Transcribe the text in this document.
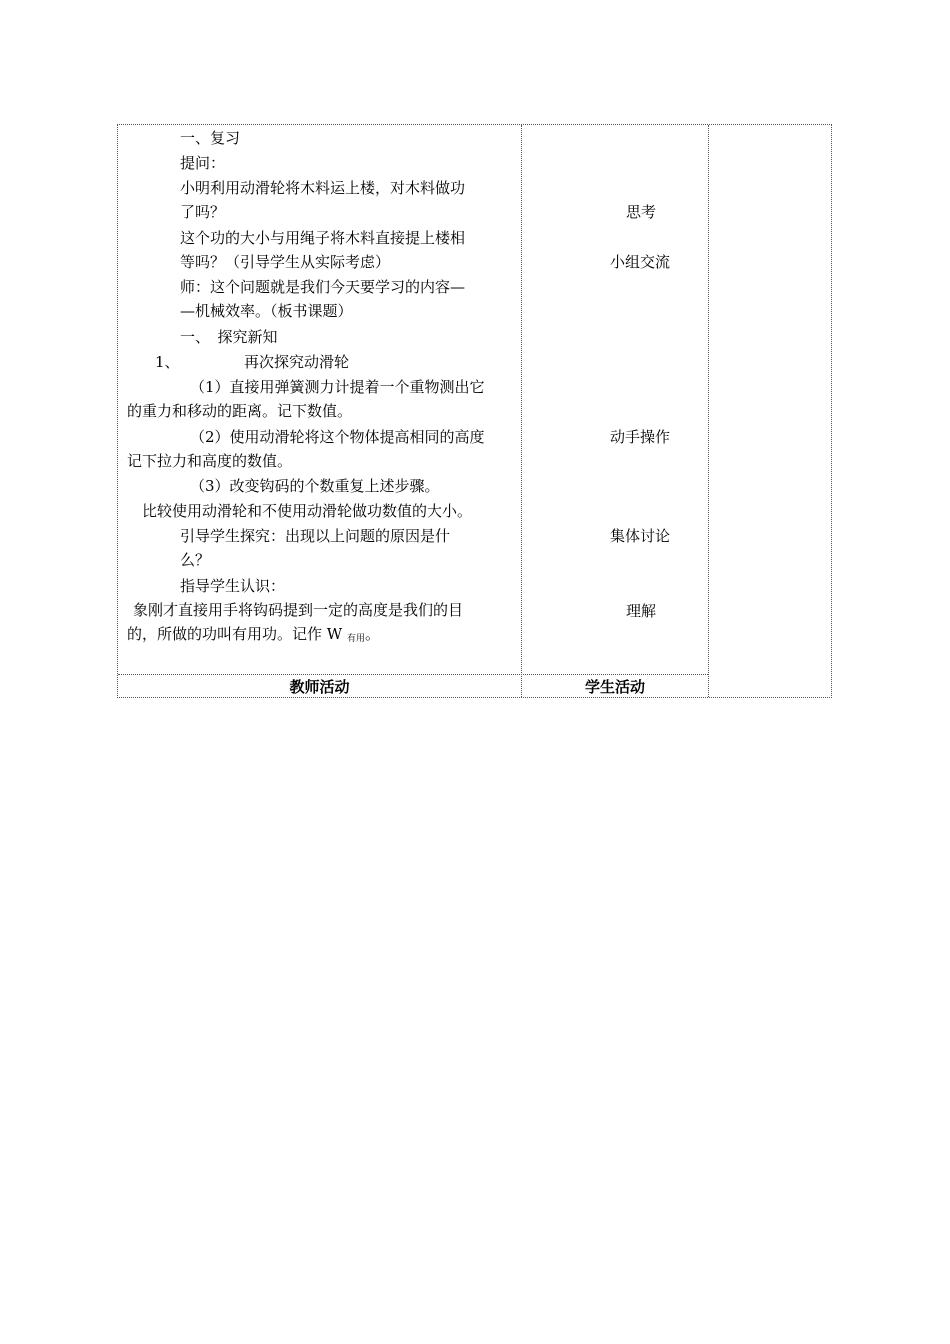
一、复习
提问：
小明利用动滑轮将木料运上楼，对木料做功
了吗？
这个功的大小与用绳子将木料直接提上楼相
等吗？（引导学生从实际考虑）
师：这个问题就是我们今天要学习的内容—
—机械效率。（板书课题）
一、　探究新知
1、	再次探究动滑轮
（1）直接用弹簧测力计提着一个重物测出它
的重力和移动的距离。记下数值。
（2）使用动滑轮将这个物体提高相同的高度
记下拉力和高度的数值。
（3）改变钩码的个数重复上述步骤。
比较使用动滑轮和不使用动滑轮做功数值的大小。
引导学生探究：出现以上问题的原因是什
么？
指导学生认识：
象刚才直接用手将钩码提到一定的高度是我们的目
的，所做的功叫有用功。记作 W 有用。
思考
小组交流
动手操作
集体讨论
理解
教师活动	学生活动
